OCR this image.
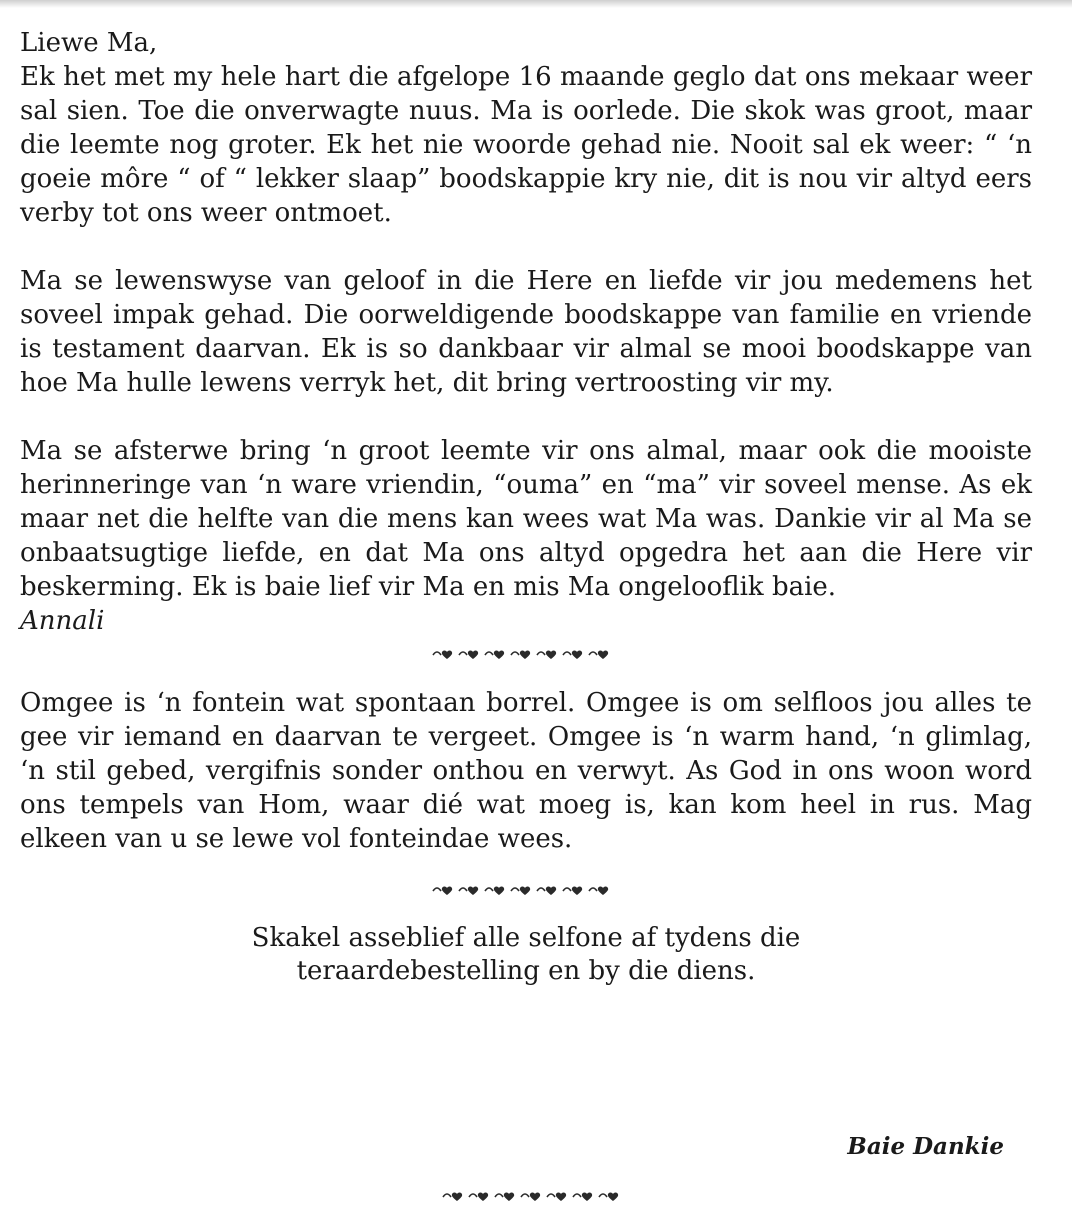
Liewe Ma,

Ek het met my hele hart die afgelope 16 maande geglo dat ons mekaar weer sal sien. Toe die onverwagte nuus. Ma is oorlede. Die skok was groot, maar die leemte nog groter. Ek het nie woorde gehad nie. Nooit sal ek weer: “ ‘n goeie môre “ of “ lekker slaap” boodskappie kry nie, dit is nou vir altyd eers verby tot ons weer ontmoet.

Ma se lewenswyse van geloof in die Here en liefde vir jou medemens het soveel impak gehad. Die oorweldigende boodskappe van familie en vriende is testament daarvan. Ek is so dankbaar vir almal se mooi boodskappe van hoe Ma hulle lewens verryk het, dit bring vertroosting vir my.

Ma se afsterwe bring ‘n groot leemte vir ons almal, maar ook die mooiste herinneringe van ‘n ware vriendin, “ouma” en “ma” vir soveel mense. As ek maar net die helfte van die mens kan wees wat Ma was. Dankie vir al Ma se onbaatsugtige liefde, en dat Ma ons altyd opgedra het aan die Here vir beskerming. Ek is baie lief vir Ma en mis Ma ongelooflik baie.

Annali

Omgee is ‘n fontein wat spontaan borrel. Omgee is om selfloos jou alles te gee vir iemand en daarvan te vergeet. Omgee is ‘n warm hand, ‘n glimlag, ‘n stil gebed, vergifnis sonder onthou en verwyt. As God in ons woon word ons tempels van Hom, waar dié wat moeg is, kan kom heel in rus. Mag elkeen van u se lewe vol fonteindae wees.

Skakel asseblief alle selfone af tydens die

teraardebestelling en by die diens.

Baie Dankie
